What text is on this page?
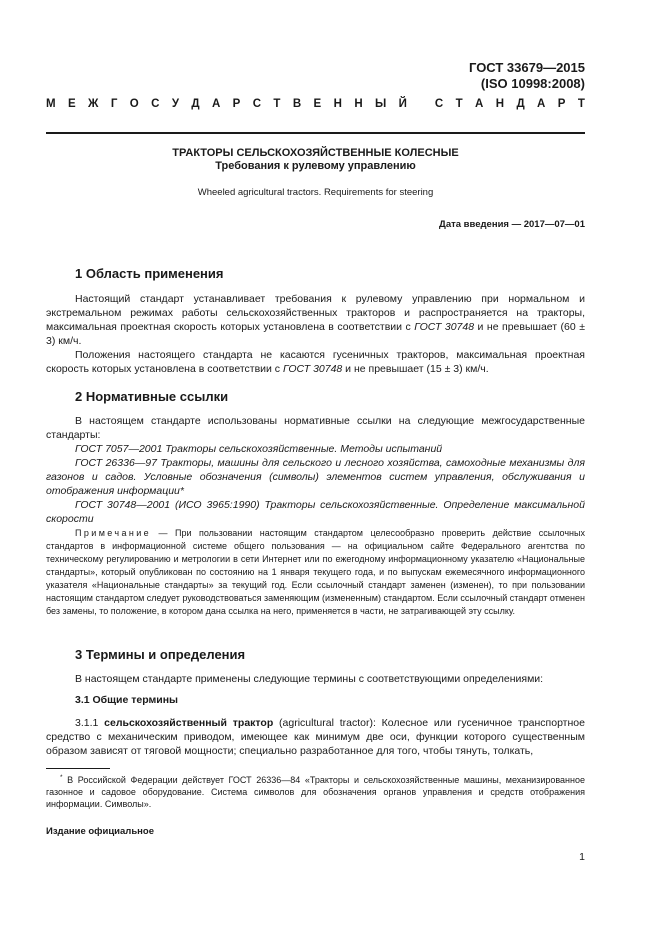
ГОСТ 33679—2015
(ISO 10998:2008)
М Е Ж Г О С У Д А Р С Т В Е Н Н Ы Й
С Т А Н Д А Р Т
ТРАКТОРЫ СЕЛЬСКОХОЗЯЙСТВЕННЫЕ КОЛЕСНЫЕ
Требования к рулевому управлению
Wheeled agricultural tractors. Requirements for steering
Дата введения — 2017—07—01
1 Область применения

Настоящий стандарт устанавливает требования к рулевому управлению при нормальном и экстремальном режимах работы сельскохозяйственных тракторов и распространяется на тракторы, максимальная проектная скорость которых установлена в соответствии с ГОСТ 30748 и не превышает (60 ± 3) км/ч.

Положения настоящего стандарта не касаются гусеничных тракторов, максимальная проектная скорость которых установлена в соответствии с ГОСТ 30748 и не превышает (15 ± 3) км/ч.

2 Нормативные ссылки

В настоящем стандарте использованы нормативные ссылки на следующие межгосударственные стандарты:

ГОСТ 7057—2001 Тракторы сельскохозяйственные. Методы испытаний

ГОСТ 26336—97 Тракторы, машины для сельского и лесного хозяйства, самоходные механизмы для газонов и садов. Условные обозначения (символы) элементов систем управления, обслуживания и отображения информации*

ГОСТ 30748—2001 (ИСО 3965:1990) Тракторы сельскохозяйственные. Определение максимальной скорости

Примечание — При пользовании настоящим стандартом целесообразно проверить действие ссылочных стандартов в информационной системе общего пользования — на официальном сайте Федерального агентства по техническому регулированию и метрологии в сети Интернет или по ежегодному информационному указателю «Национальные стандарты», который опубликован по состоянию на 1 января текущего года, и по выпускам ежемесячного информационного указателя «Национальные стандарты» за текущий год. Если ссылочный стандарт заменен (изменен), то при пользовании настоящим стандартом следует руководствоваться заменяющим (измененным) стандартом. Если ссылочный стандарт отменен без замены, то положение, в котором дана ссылка на него, применяется в части, не затрагивающей эту ссылку.

3 Термины и определения

В настоящем стандарте применены следующие термины с соответствующими определениями:

3.1 Общие термины

3.1.1 сельскохозяйственный трактор (agricultural tractor): Колесное или гусеничное транспортное средство с механическим приводом, имеющее как минимум две оси, функции которого существенным образом зависят от тяговой мощности; специально разработанное для того, чтобы тянуть, толкать,

* В Российской Федерации действует ГОСТ 26336—84 «Тракторы и сельскохозяйственные машины, механизированное газонное и садовое оборудование. Система символов для обозначения органов управления и средств отображения информации. Символы».

Издание официальное
1
